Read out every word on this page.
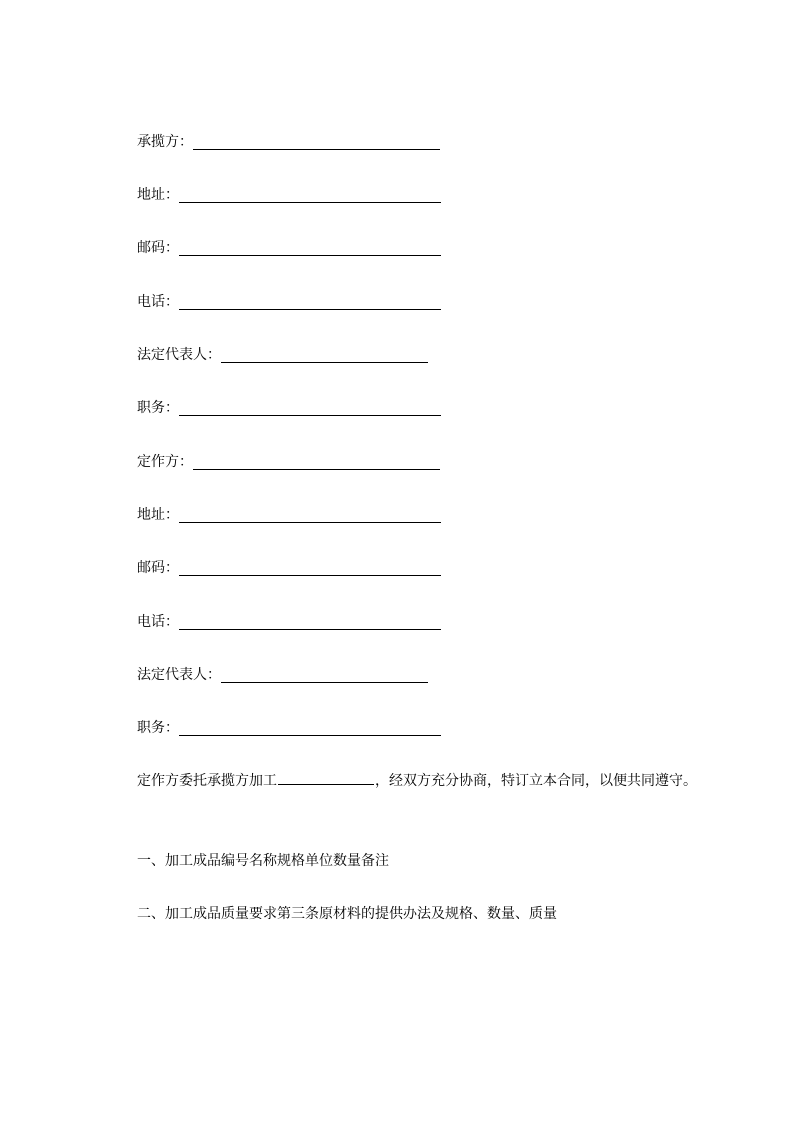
承揽方：
地址：
邮码：
电话：
法定代表人：
职务：
定作方：
地址：
邮码：
电话：
法定代表人：
职务：
定作方委托承揽方加工	，经双方充分协商，特订立本合同，以便共同遵守。
一、加工成品编号名称规格单位数量备注
二、加工成品质量要求第三条原材料的提供办法及规格、数量、质量
